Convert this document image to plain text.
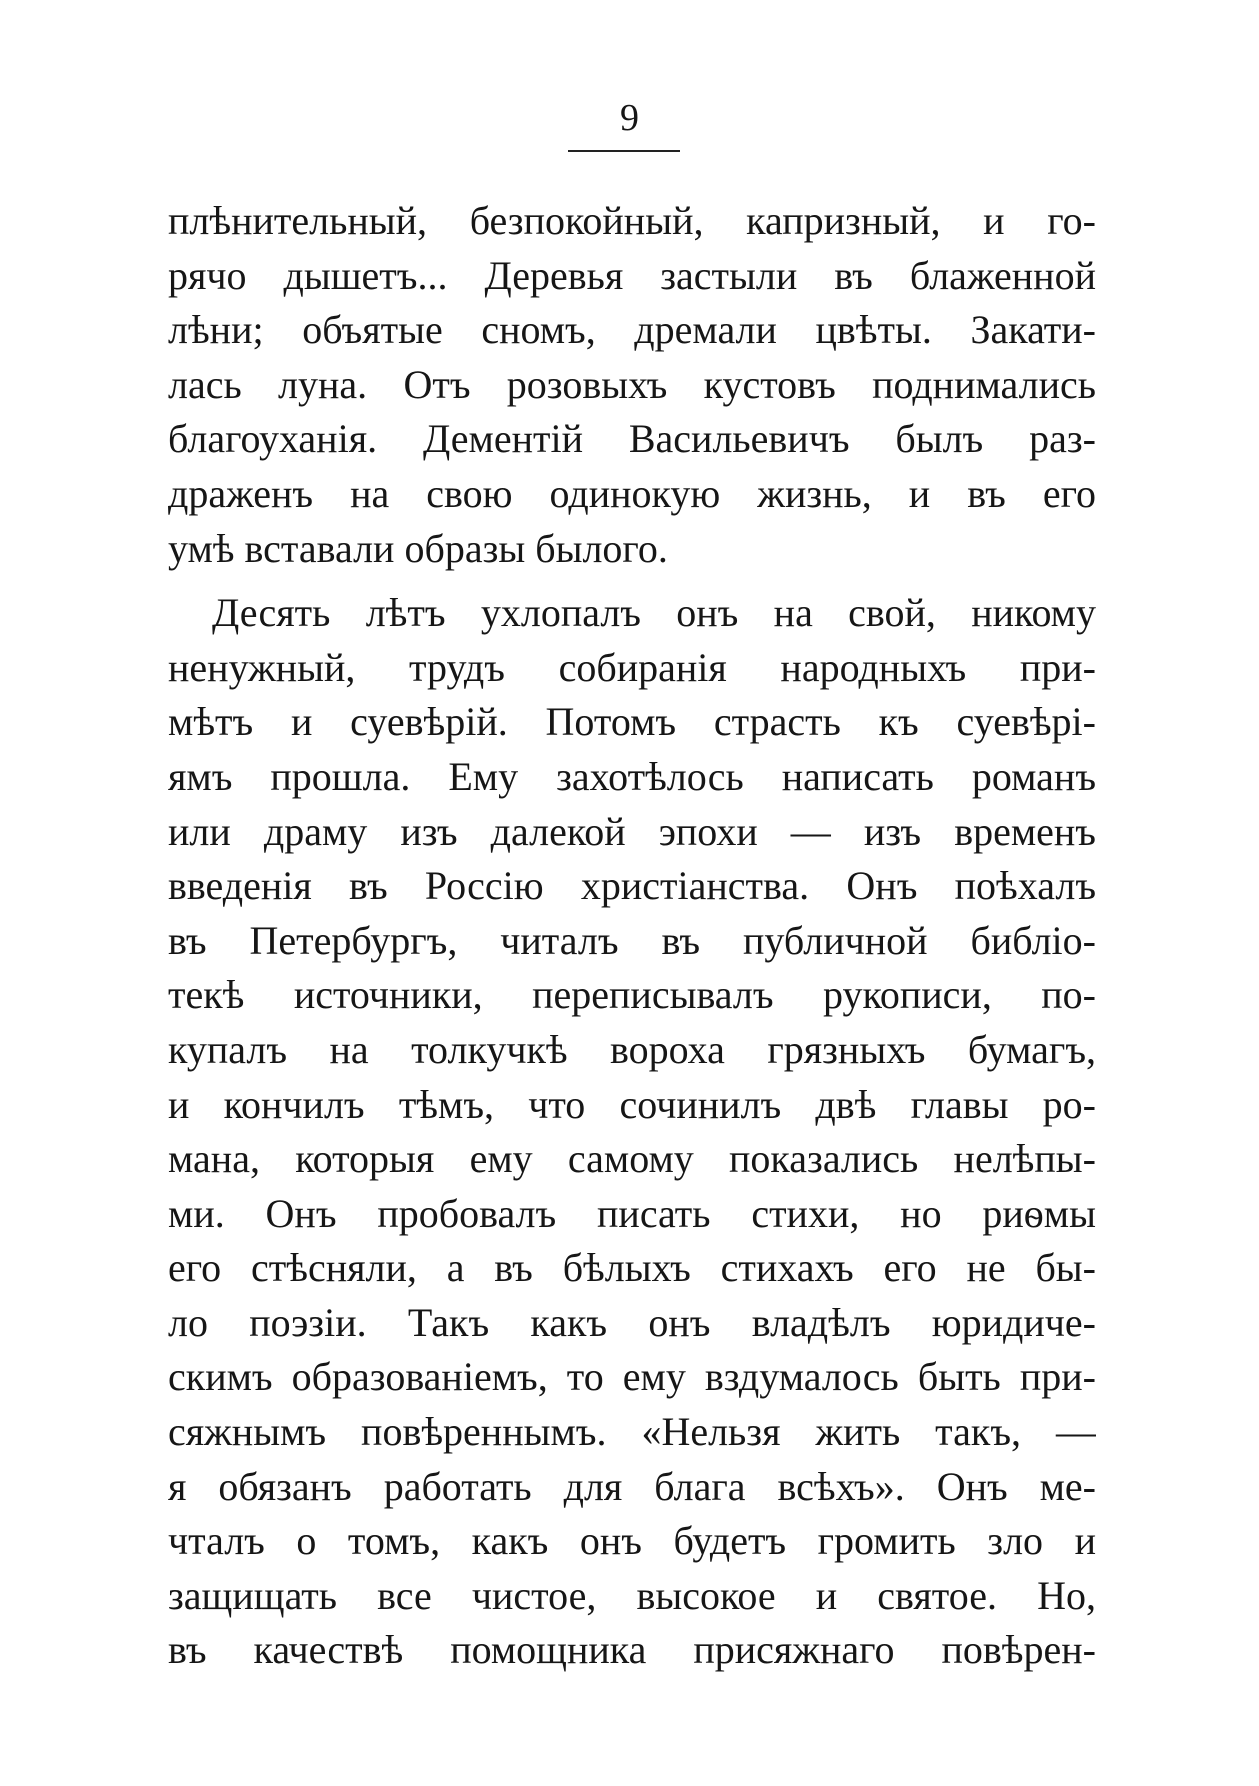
9
плѣнительный, безпокойный, капризный, и го-
рячо дышетъ... Деревья застыли въ блаженной
лѣни; объятые сномъ, дремали цвѣты. Закати-
лась луна. Отъ розовыхъ кустовъ поднимались
благоуханія. Дементій Васильевичъ былъ раз-
драженъ на свою одинокую жизнь, и въ его
умѣ вставали образы былого.
Десять лѣтъ ухлопалъ онъ на свой, никому
ненужный, трудъ собиранія народныхъ при-
мѣтъ и суевѣрій. Потомъ страсть къ суевѣрі-
ямъ прошла. Ему захотѣлось написать романъ
или драму изъ далекой эпохи — изъ временъ
введенія въ Россію христіанства. Онъ поѣхалъ
въ Петербургъ, читалъ въ публичной библіо-
текѣ источники, переписывалъ рукописи, по-
купалъ на толкучкѣ вороха грязныхъ бумагъ,
и кончилъ тѣмъ, что сочинилъ двѣ главы ро-
мана, которыя ему самому показались нелѣпы-
ми. Онъ пробовалъ писать стихи, но риѳмы
его стѣсняли, а въ бѣлыхъ стихахъ его не бы-
ло поэзіи. Такъ какъ онъ владѣлъ юридиче-
скимъ образованіемъ, то ему вздумалось быть при-
сяжнымъ повѣреннымъ. «Нельзя жить такъ, —
я обязанъ работать для блага всѣхъ». Онъ ме-
чталъ о томъ, какъ онъ будетъ громить зло и
защищать все чистое, высокое и святое. Но,
въ качествѣ помощника присяжнаго повѣрен-
